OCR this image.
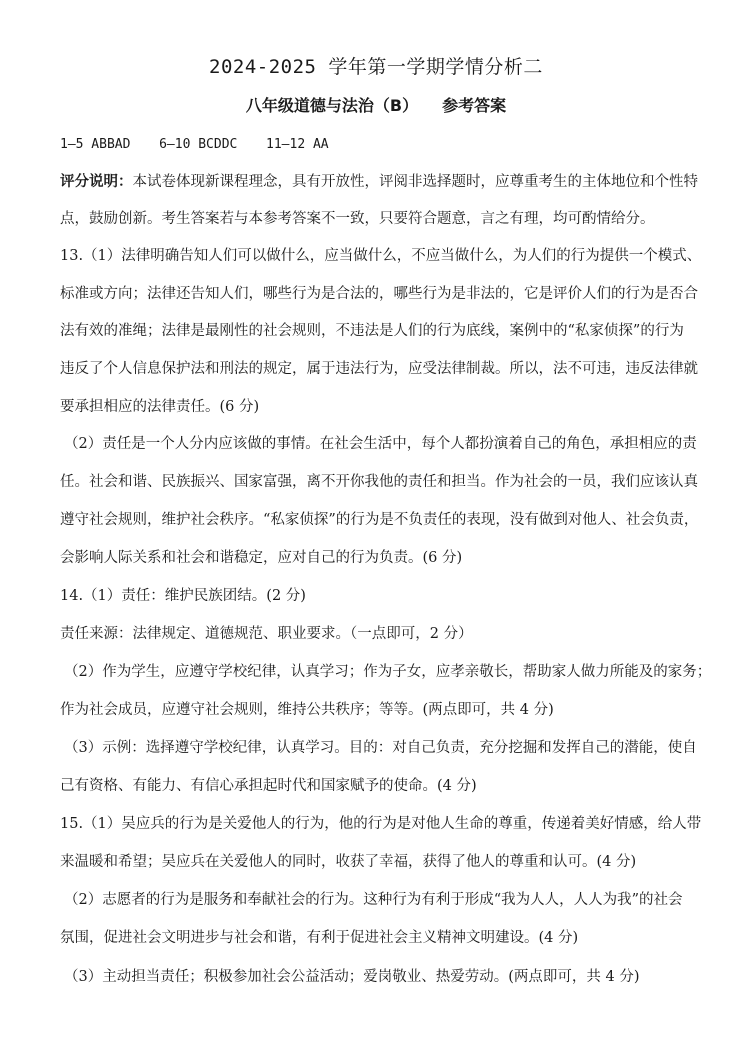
2024-2025 学年第一学期学情分析二
八年级道德与法治（B）　　参考答案
1—5 ABBAD 　 6—10 BCDDC 　 11—12 AA
评分说明：本试卷体现新课程理念，具有开放性，评阅非选择题时，应尊重考生的主体地位和个性特
点，鼓励创新。考生答案若与本参考答案不一致，只要符合题意，言之有理，均可酌情给分。
13.（1）法律明确告知人们可以做什么，应当做什么，不应当做什么，为人们的行为提供一个模式、
标准或方向；法律还告知人们，哪些行为是合法的，哪些行为是非法的，它是评价人们的行为是否合
法有效的准绳；法律是最刚性的社会规则，不违法是人们的行为底线，案例中的“私家侦探”的行为
违反了个人信息保护法和刑法的规定，属于违法行为，应受法律制裁。所以，法不可违，违反法律就
要承担相应的法律责任。(6 分)
（2）责任是一个人分内应该做的事情。在社会生活中，每个人都扮演着自己的角色，承担相应的责
任。社会和谐、民族振兴、国家富强，离不开你我他的责任和担当。作为社会的一员，我们应该认真
遵守社会规则，维护社会秩序。“私家侦探”的行为是不负责任的表现，没有做到对他人、社会负责，
会影响人际关系和社会和谐稳定，应对自己的行为负责。(6 分)
14.（1）责任：维护民族团结。(2 分)
责任来源：法律规定、道德规范、职业要求。（一点即可，2 分）
（2）作为学生，应遵守学校纪律，认真学习；作为子女，应孝亲敬长，帮助家人做力所能及的家务；
作为社会成员，应遵守社会规则，维持公共秩序；等等。(两点即可，共 4 分)
（3）示例：选择遵守学校纪律，认真学习。目的：对自己负责，充分挖掘和发挥自己的潜能，使自
己有资格、有能力、有信心承担起时代和国家赋予的使命。(4 分)
15.（1）吴应兵的行为是关爱他人的行为，他的行为是对他人生命的尊重，传递着美好情感，给人带
来温暖和希望；吴应兵在关爱他人的同时，收获了幸福，获得了他人的尊重和认可。(4 分)
（2）志愿者的行为是服务和奉献社会的行为。这种行为有利于形成“我为人人，人人为我”的社会
氛围，促进社会文明进步与社会和谐，有利于促进社会主义精神文明建设。(4 分)
（3）主动担当责任；积极参加社会公益活动；爱岗敬业、热爱劳动。(两点即可，共 4 分)
